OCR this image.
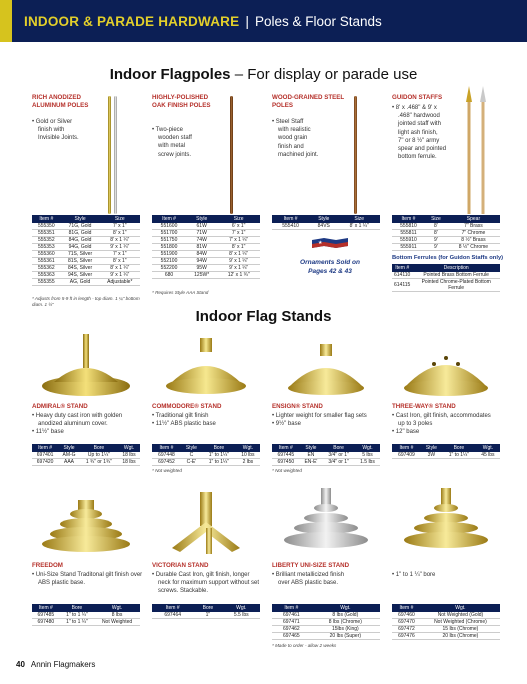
INDOOR & PARADE HARDWARE | Poles & Floor Stands
Indoor Flagpoles – For display or parade use
RICH ANODIZED ALUMINUM POLES
• Gold or Silver
finish with
Invisible Joints.
HIGHLY-POLISHED OAK FINISH POLES
• Two-piece
wooden staff
with metal
screw joints.
WOOD-GRAINED STEEL POLES
• Steel Staff
with realistic
wood grain
finish and
machined joint.
GUIDON STAFFS
• 8' x .468" & 9' x
.468" hardwood
jointed staff with
light ash finish,
7" or 8 ½" army
spear and pointed
bottom ferrule.
Item #	Style	Size
555350	71G, Gold	7' x 1"
555351	81G, Gold	8' x 1"
555352	84G, Gold	8' x 1 ¼"
555353	94G, Gold	9' x 1 ¼"
555360	71S, Silver	7' x 1"
555361	81S, Silver	8' x 1"
555362	84S, Silver	8' x 1 ¼"
555363	94S, Silver	9' x 1 ¼"
555355	AG, Gold	Adjustable*
* Adjusts from 5-9 ft in length - top diam. 1 ¼" bottom diam. 1 ½"
Item #	Style	Size
551600	61W	6' x 1"
551700	71W	7' x 1"
551750	74W	7' x 1 ¼"
551800	81W	8' x 1"
551900	84W	8' x 1 ¼"
552100	94W	9' x 1 ¼"
552200	95W	9' x 1 ¼"
680	125W*	12' x 1 ¾"
* Requires Style AAA Stand
Item #	Style	Size
555410	84VS	8' x 1 ¼"
★
Ornaments Sold on
Pages 42 & 43
Item #	Size	Spear
555810	8'	7" Brass
555811	8'	7" Chrome
555910	9'	8 ½" Brass
555911	9'	8 ½" Chrome
Bottom Ferrules (for Guidon Staffs only)
Item #	Description
614110	Pointed Brass Bottom Ferrule
614115	Pointed Chrome-Plated Bottom Ferrule
Indoor Flag Stands
ADMIRAL® STAND
• Heavy duty cast iron with golden
anodized aluminum cover.
• 11½" base
COMMODORE® STAND
• Traditional gilt finish
• 11½" ABS plastic base
ENSIGN® STAND
• Lighter weight for smaller flag sets
• 9½" base
THREE-WAY® STAND
• Cast Iron, gilt finish, accommodates
up to 3 poles
• 12" base
Item #	Style	Bore	Wgt.
697401	AM-G	Up to 1¼"	18 lbs
697420	AAA	1 ¾" or 1¾"	18 lbs
Item #	Style	Bore	Wgt.
697448	C	1" to 1¼"	10 lbs
697452	C-E'	1" to 1¼"	2 lbs
* Not weighted
Item #	Style	Bore	Wgt.
697445	EN	3/4" or 1"	5 lbs
697450	EN-E'	3/4" or 1"	1.5 lbs
* Not weighted
Item #	Style	Bore	Wgt.
697409	3W	1" to 1¼"	45 lbs
FREEDOM
• Uni-Size Stand Traditonal gilt finish over
ABS plastic base.
VICTORIAN STAND
• Durable Cast Iron, gilt finish, longer
neck for maximum support without set
screws. Stackable.
LIBERTY UNI-SIZE STAND
• Brilliant metallicized finish
over ABS plastic base.
• 1" to 1 ¼" bore
Item #	Bore	Wgt.
697485	1" to 1 ¼"	8 lbs
697480	1" to 1 ¼"	Not Weighted
Item #	Bore	Wgt.
697464	1"	5.5 lbs
Item #	Wgt.
697461	8 lbs (Gold)
697471	8 lbs (Chrome)
697462	15lbs (King)
697465	20 lbs (Super)
* Made to order - allow 2 weeks
Item #	Wgt.
697460	Not Weighted (Gold)
697470	Not Weighted (Chrome)
697472	15 lbs (Chrome)
697476	20 lbs (Chrome)
40 Annin Flagmakers
